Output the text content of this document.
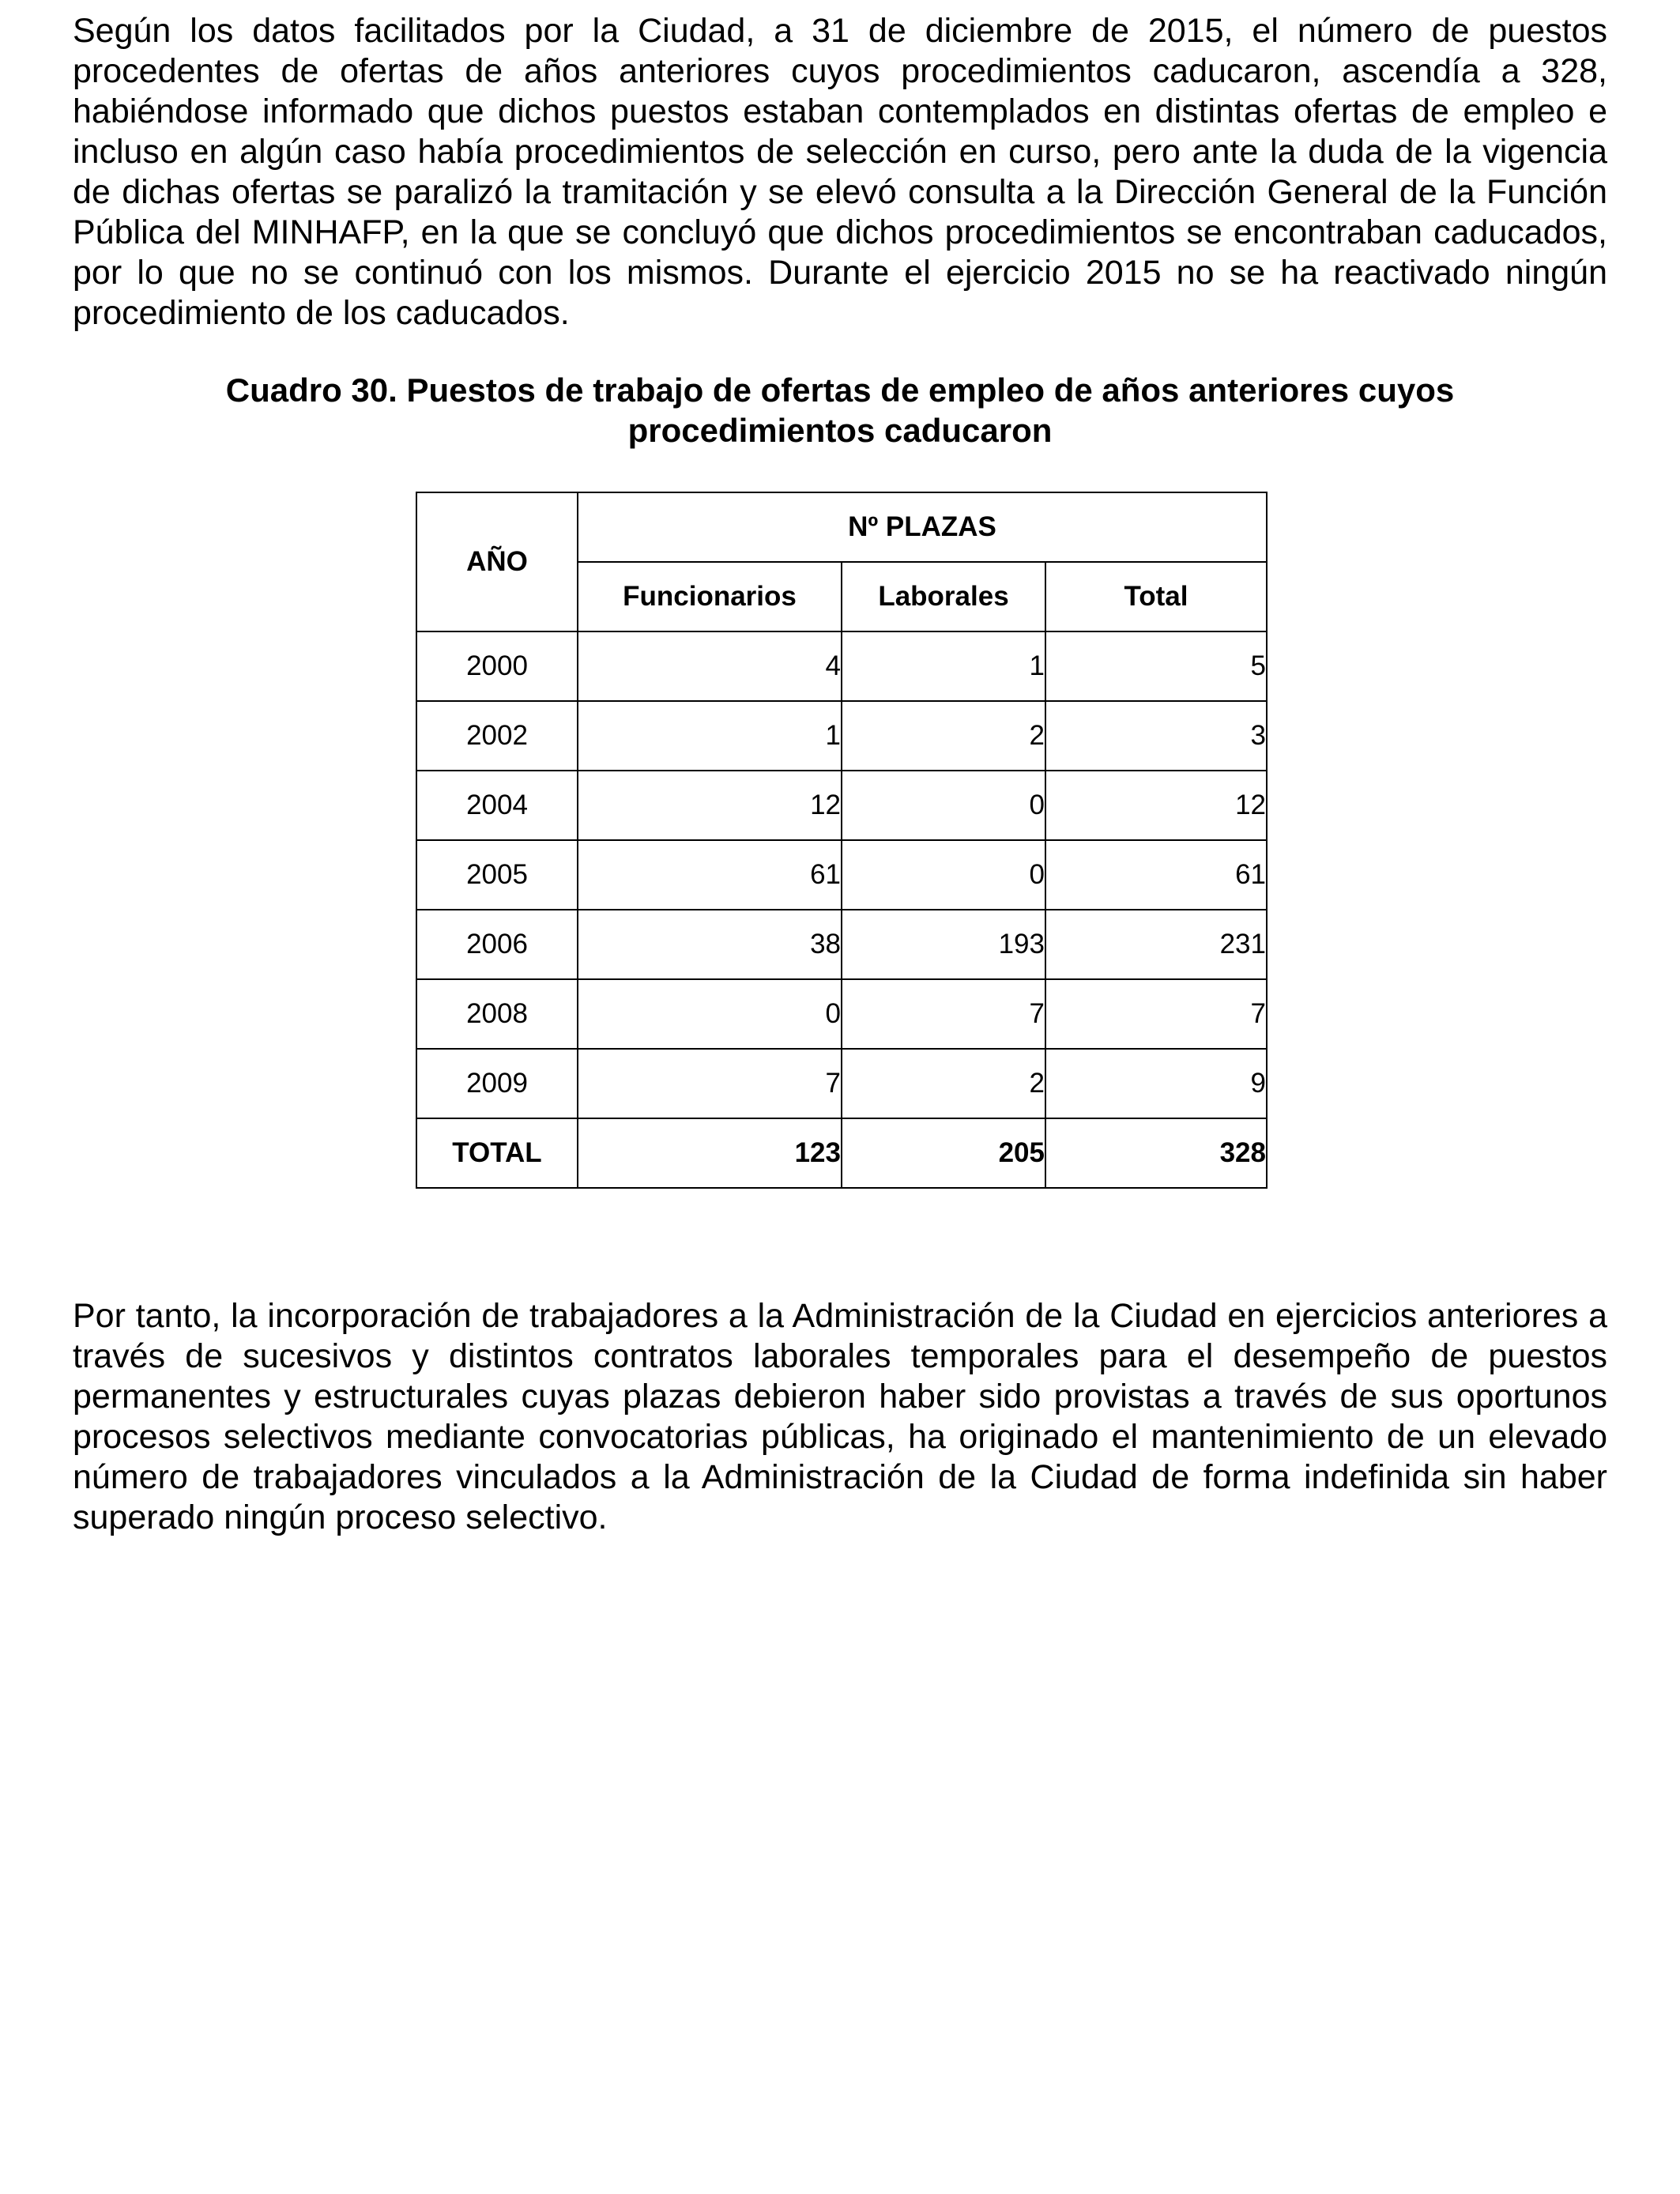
Según los datos facilitados por la Ciudad, a 31 de diciembre de 2015, el número de puestos procedentes de ofertas de años anteriores cuyos procedimientos caducaron, ascendía a 328, habiéndose informado que dichos puestos estaban contemplados en distintas ofertas de empleo e incluso en algún caso había procedimientos de selección en curso, pero ante la duda de la vigencia de dichas ofertas se paralizó la tramitación y se elevó consulta a la Dirección General de la Función Pública del MINHAFP, en la que se concluyó que dichos procedimientos se encontraban caducados, por lo que no se continuó con los mismos. Durante el ejercicio 2015 no se ha reactivado ningún procedimiento de los caducados.

Cuadro 30. Puestos de trabajo de ofertas de empleo de años anteriores cuyos procedimientos caducaron

AÑO	Nº PLAZAS		
	Funcionarios	Laborales	Total
2000	4	1	5
2002	1	2	3
2004	12	0	12
2005	61	0	61
2006	38	193	231
2008	0	7	7
2009	7	2	9
TOTAL	123	205	328

Por tanto, la incorporación de trabajadores a la Administración de la Ciudad en ejercicios anteriores a través de sucesivos y distintos contratos laborales temporales para el desempeño de puestos permanentes y estructurales cuyas plazas debieron haber sido provistas a través de sus oportunos procesos selectivos mediante convocatorias públicas, ha originado el mantenimiento de un elevado número de trabajadores vinculados a la Administración de la Ciudad de forma indefinida sin haber superado ningún proceso selectivo.
